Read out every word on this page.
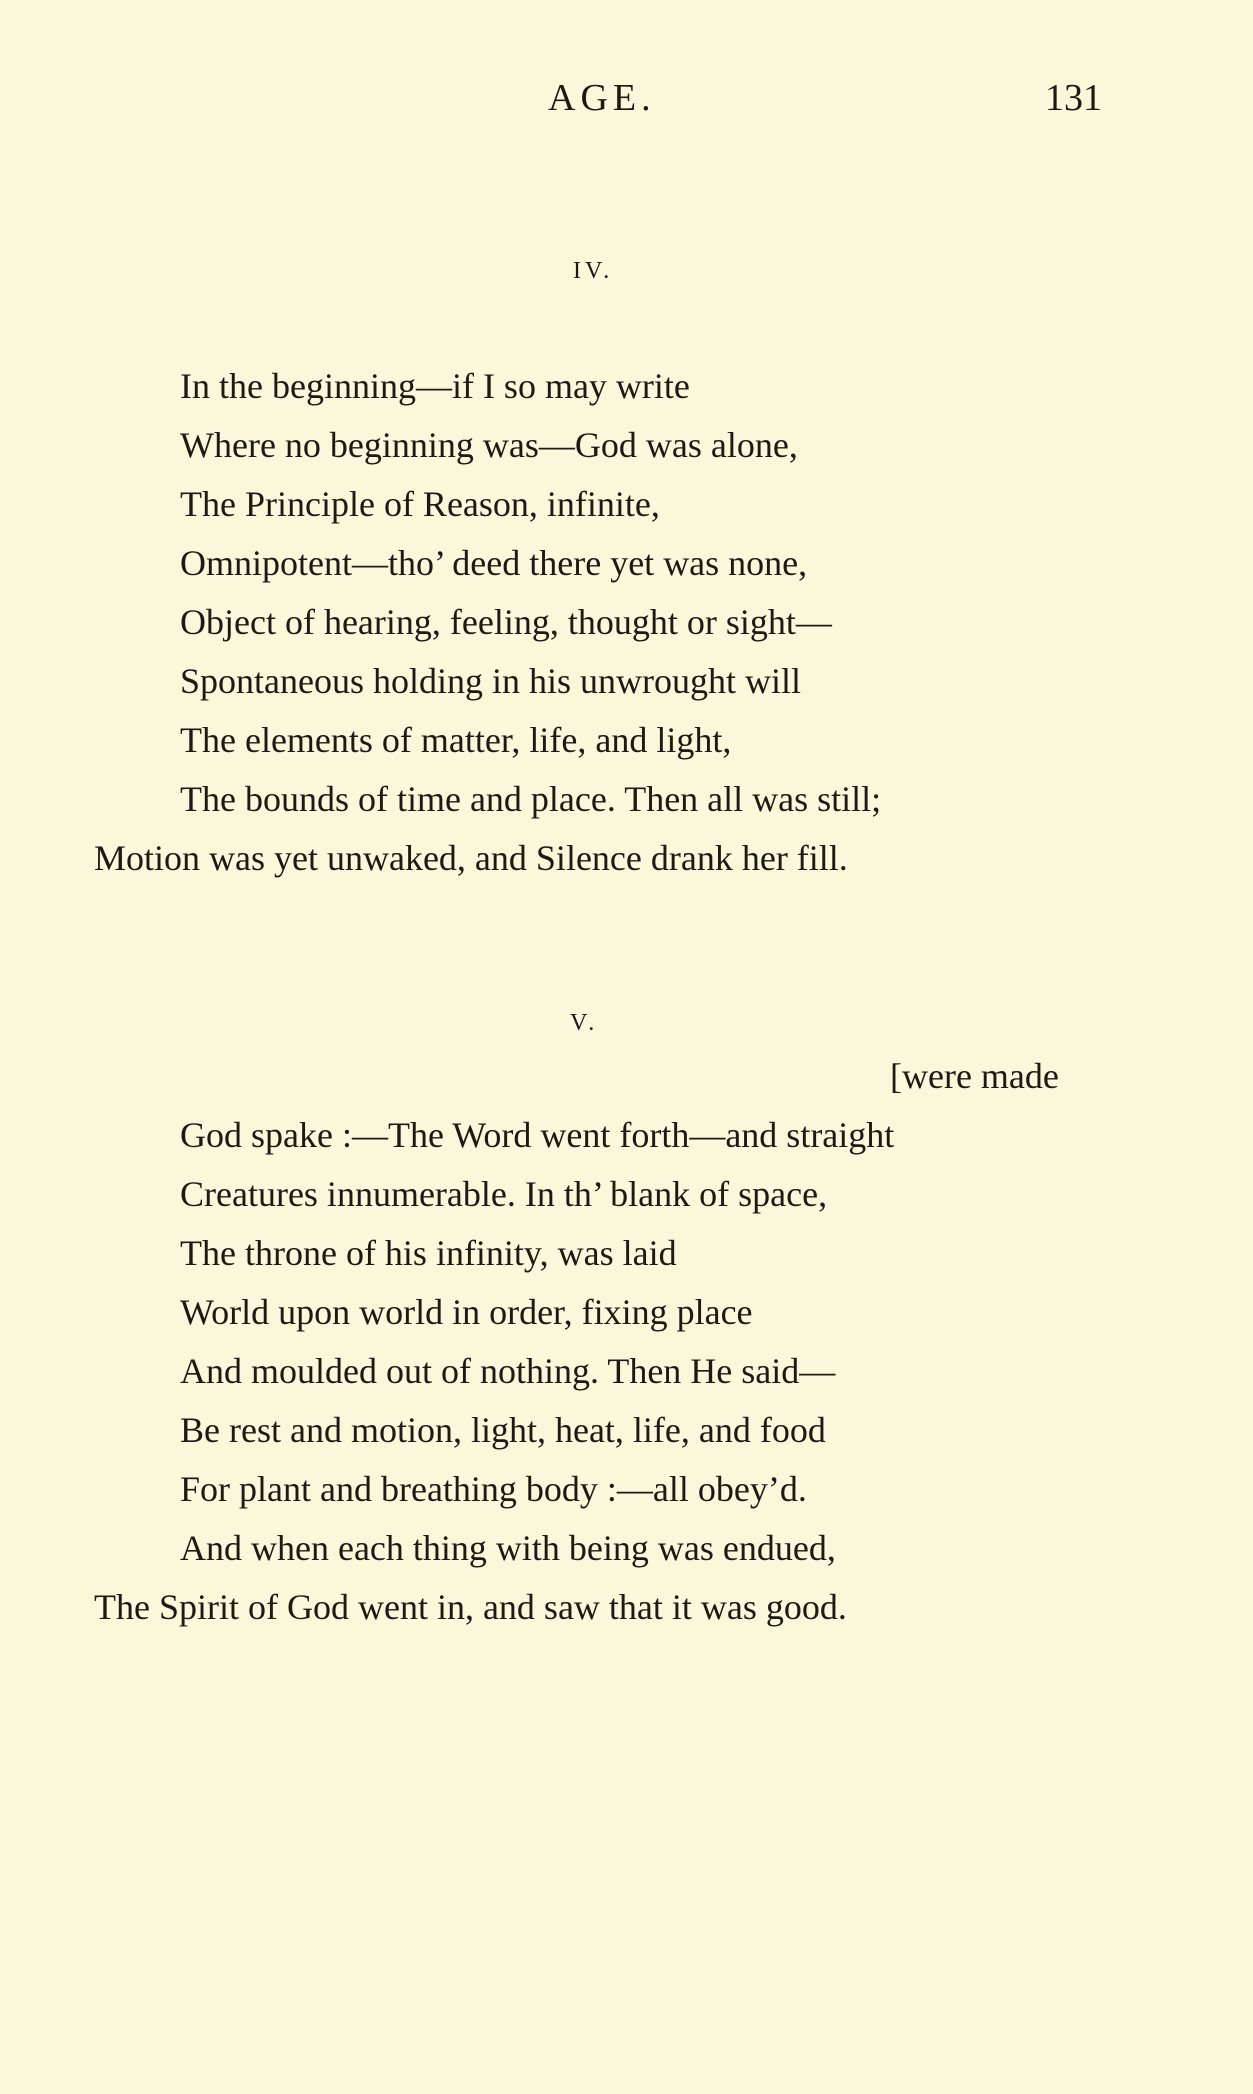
AGE.	131
IV.
In the beginning—if I so may write
Where no beginning was—God was alone,
The Principle of Reason, infinite,
Omnipotent—tho’ deed there yet was none,
Object of hearing, feeling, thought or sight—
Spontaneous holding in his unwrought will
The elements of matter, life, and light,
The bounds of time and place. Then all was still;
Motion was yet unwaked, and Silence drank her fill.
V.
[were made
God spake :—The Word went forth—and straight
Creatures innumerable. In th’ blank of space,
The throne of his infinity, was laid
World upon world in order, fixing place
And moulded out of nothing. Then He said—
Be rest and motion, light, heat, life, and food
For plant and breathing body :—all obey’d.
And when each thing with being was endued,
The Spirit of God went in, and saw that it was good.
